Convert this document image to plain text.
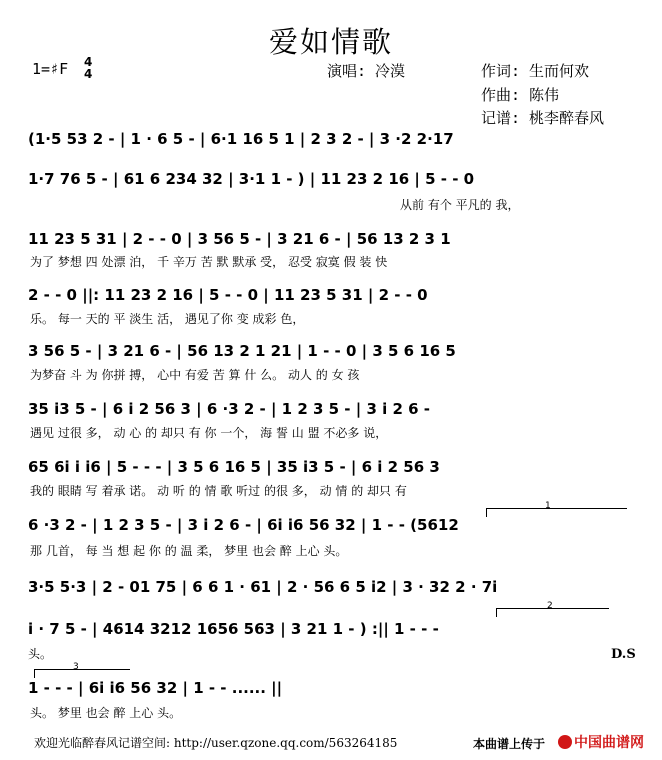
爱如情歌
1=♯F 4
4	演唱: 冷漠	作词: 生而何欢
作曲: 陈伟
记谱: 桃李醉春风
(1·5 53 2 - | 1 · 6 5 - | 6·1 16 5 1 | 2 3 2 - | 3 ·2 2·17
1·7 76 5 - | 61 6 234 32 | 3·1 1 - ) | 11 23 2 16 | 5 - - 0
从前 有个 平凡的 我，
11 23 5 31 | 2 - - 0 | 3 56 5 - | 3 21 6 - | 56 13 2 3 1
为了 梦想 四 处漂 泊， 千 辛万 苦 默 默承 受， 忍受 寂寞 假 装 快
2 - - 0 ||: 11 23 2 16 | 5 - - 0 | 11 23 5 31 | 2 - - 0
乐。 每一 天的 平 淡生 活， 遇见了你 变 成彩 色，
3 56 5 - | 3 21 6 - | 56 13 2 1 21 | 1 - - 0 | 3 5 6 16 5
为梦奋 斗 为 你拼 搏， 心中 有爱 苦 算 什 么。 动人 的 女 孩
35 i3 5 - | 6 i 2 56 3 | 6 ·3 2 - | 1 2 3 5 - | 3 i 2 6 -
遇见 过很 多， 动 心 的 却只 有 你 一个， 海 誓 山 盟 不必多 说，
65 6i i i6 | 5 - - - | 3 5 6 16 5 | 35 i3 5 - | 6 i 2 56 3
我的 眼睛 写 着承 诺。 动 听 的 情 歌 听过 的很 多， 动 情 的 却只 有
6 ·3 2 - | 1 2 3 5 - | 3 i 2 6 - | 6i i6 56 32 | 1 - - (5612
那 几首， 每 当 想 起 你 的 温 柔， 梦里 也会 醉 上心 头。
3·5 5·3 | 2 - 01 75 | 6 6 1 · 61 | 2 · 56 6 5 i2 | 3 · 32 2 · 7i
i · 7 5 - | 4614 3212 1656 563 | 3 21 1 - ) :|| 1 - - -
头。
1 - - - | 6i i6 56 32 | 1 - - ...... ||
头。 梦里 也会 醉 上心 头。
1
2
3
D.S
欢迎光临醉春风记谱空间: http://user.qzone.qq.com/563264185	本曲谱上传于	中国曲谱网
